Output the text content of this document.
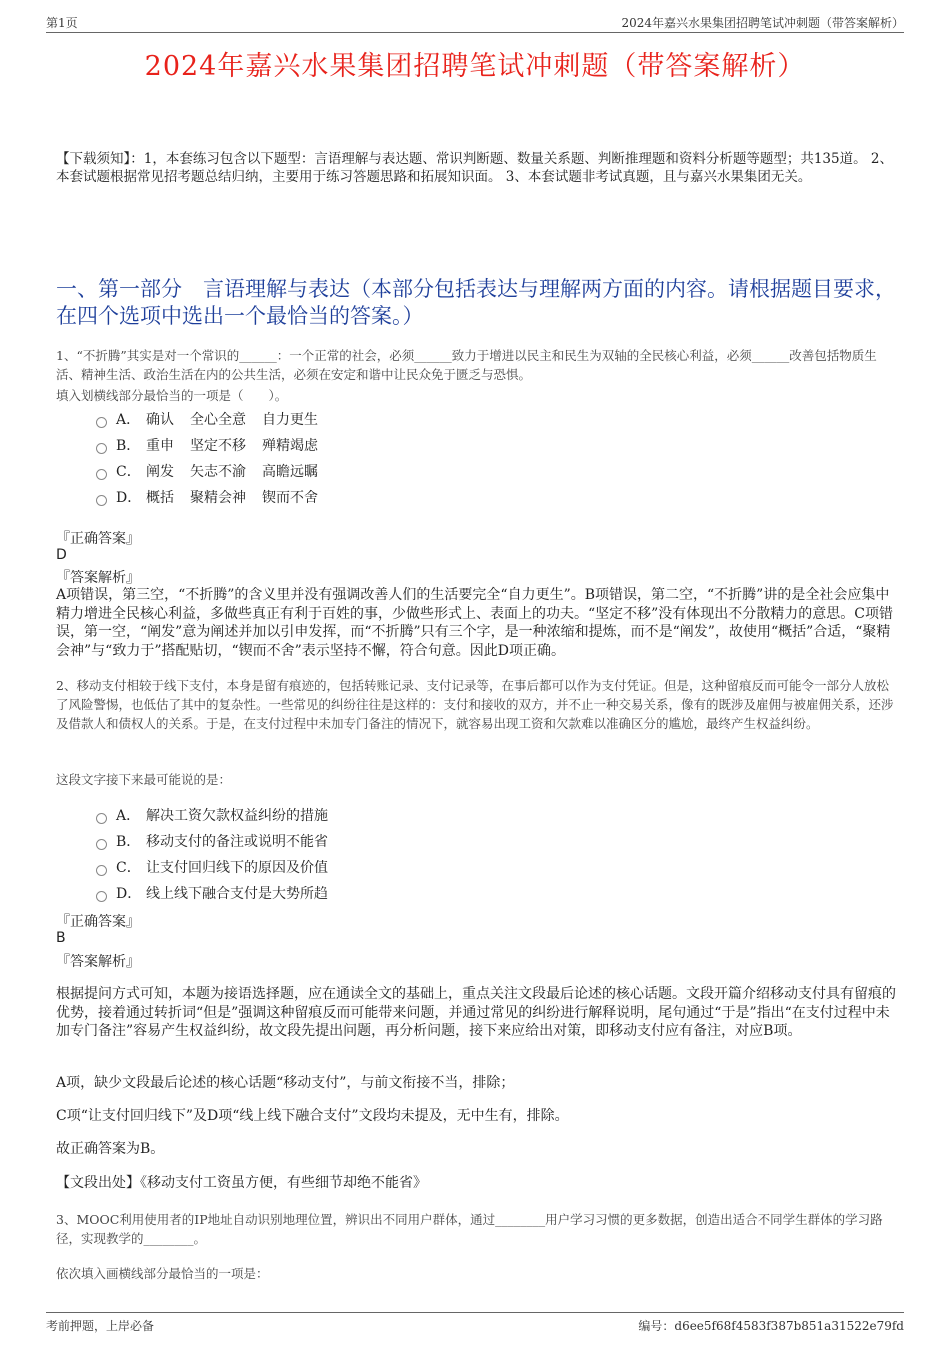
第1页	2024年嘉兴水果集团招聘笔试冲刺题（带答案解析）
2024年嘉兴水果集团招聘笔试冲刺题（带答案解析）
【下载须知】：1，本套练习包含以下题型：言语理解与表达题、常识判断题、数量关系题、判断推理题和资料分析题等题型；共135道。 2、本套试题根据常见招考题总结归纳，主要用于练习答题思路和拓展知识面。 3、本套试题非考试真题，且与嘉兴水果集团无关。
一、第一部分　言语理解与表达（本部分包括表达与理解两方面的内容。请根据题目要求，在四个选项中选出一个最恰当的答案。）
1、“不折腾”其实是对一个常识的______：一个正常的社会，必须______致力于增进以民主和民生为双轴的全民核心利益，必须______改善包括物质生活、精神生活、政治生活在内的公共生活，必须在安定和谐中让民众免于匮乏与恐惧。
填入划横线部分最恰当的一项是（　　）。
A． 确认 全心全意 自力更生
B． 重申 坚定不移 殚精竭虑
C． 阐发 矢志不渝 高瞻远瞩
D． 概括 聚精会神 锲而不舍
『正确答案』
D
『答案解析』
A项错误，第三空，“不折腾”的含义里并没有强调改善人们的生活要完全“自力更生”。B项错误，第二空，“不折腾”讲的是全社会应集中精力增进全民核心利益，多做些真正有利于百姓的事，少做些形式上、表面上的功夫。“坚定不移”没有体现出不分散精力的意思。C项错误，第一空，“阐发”意为阐述并加以引申发挥，而“不折腾”只有三个字，是一种浓缩和提炼，而不是“阐发”，故使用“概括”合适，“聚精会神”与“致力于”搭配贴切，“锲而不舍”表示坚持不懈，符合句意。因此D项正确。
2、移动支付相较于线下支付，本身是留有痕迹的，包括转账记录、支付记录等，在事后都可以作为支付凭证。但是，这种留痕反而可能令一部分人放松了风险警惕，也低估了其中的复杂性。一些常见的纠纷往往是这样的：支付和接收的双方，并不止一种交易关系，像有的既涉及雇佣与被雇佣关系，还涉及借款人和债权人的关系。于是，在支付过程中未加专门备注的情况下，就容易出现工资和欠款难以准确区分的尴尬，最终产生权益纠纷。
这段文字接下来最可能说的是：
A． 解决工资欠款权益纠纷的措施
B． 移动支付的备注或说明不能省
C． 让支付回归线下的原因及价值
D． 线上线下融合支付是大势所趋
『正确答案』
B
『答案解析』
根据提问方式可知，本题为接语选择题，应在通读全文的基础上，重点关注文段最后论述的核心话题。文段开篇介绍移动支付具有留痕的优势，接着通过转折词“但是”强调这种留痕反而可能带来问题，并通过常见的纠纷进行解释说明，尾句通过“于是”指出“在支付过程中未加专门备注”容易产生权益纠纷，故文段先提出问题，再分析问题，接下来应给出对策，即移动支付应有备注，对应B项。
A项，缺少文段最后论述的核心话题“移动支付”，与前文衔接不当，排除；
C项“让支付回归线下”及D项“线上线下融合支付”文段均未提及，无中生有，排除。
故正确答案为B。
【文段出处】《移动支付工资虽方便，有些细节却绝不能省》
3、MOOC利用使用者的IP地址自动识别地理位置，辨识出不同用户群体，通过________用户学习习惯的更多数据，创造出适合不同学生群体的学习路径，实现教学的________。
依次填入画横线部分最恰当的一项是：
考前押题，上岸必备	编号：d6ee5f68f4583f387b851a31522e79fd
